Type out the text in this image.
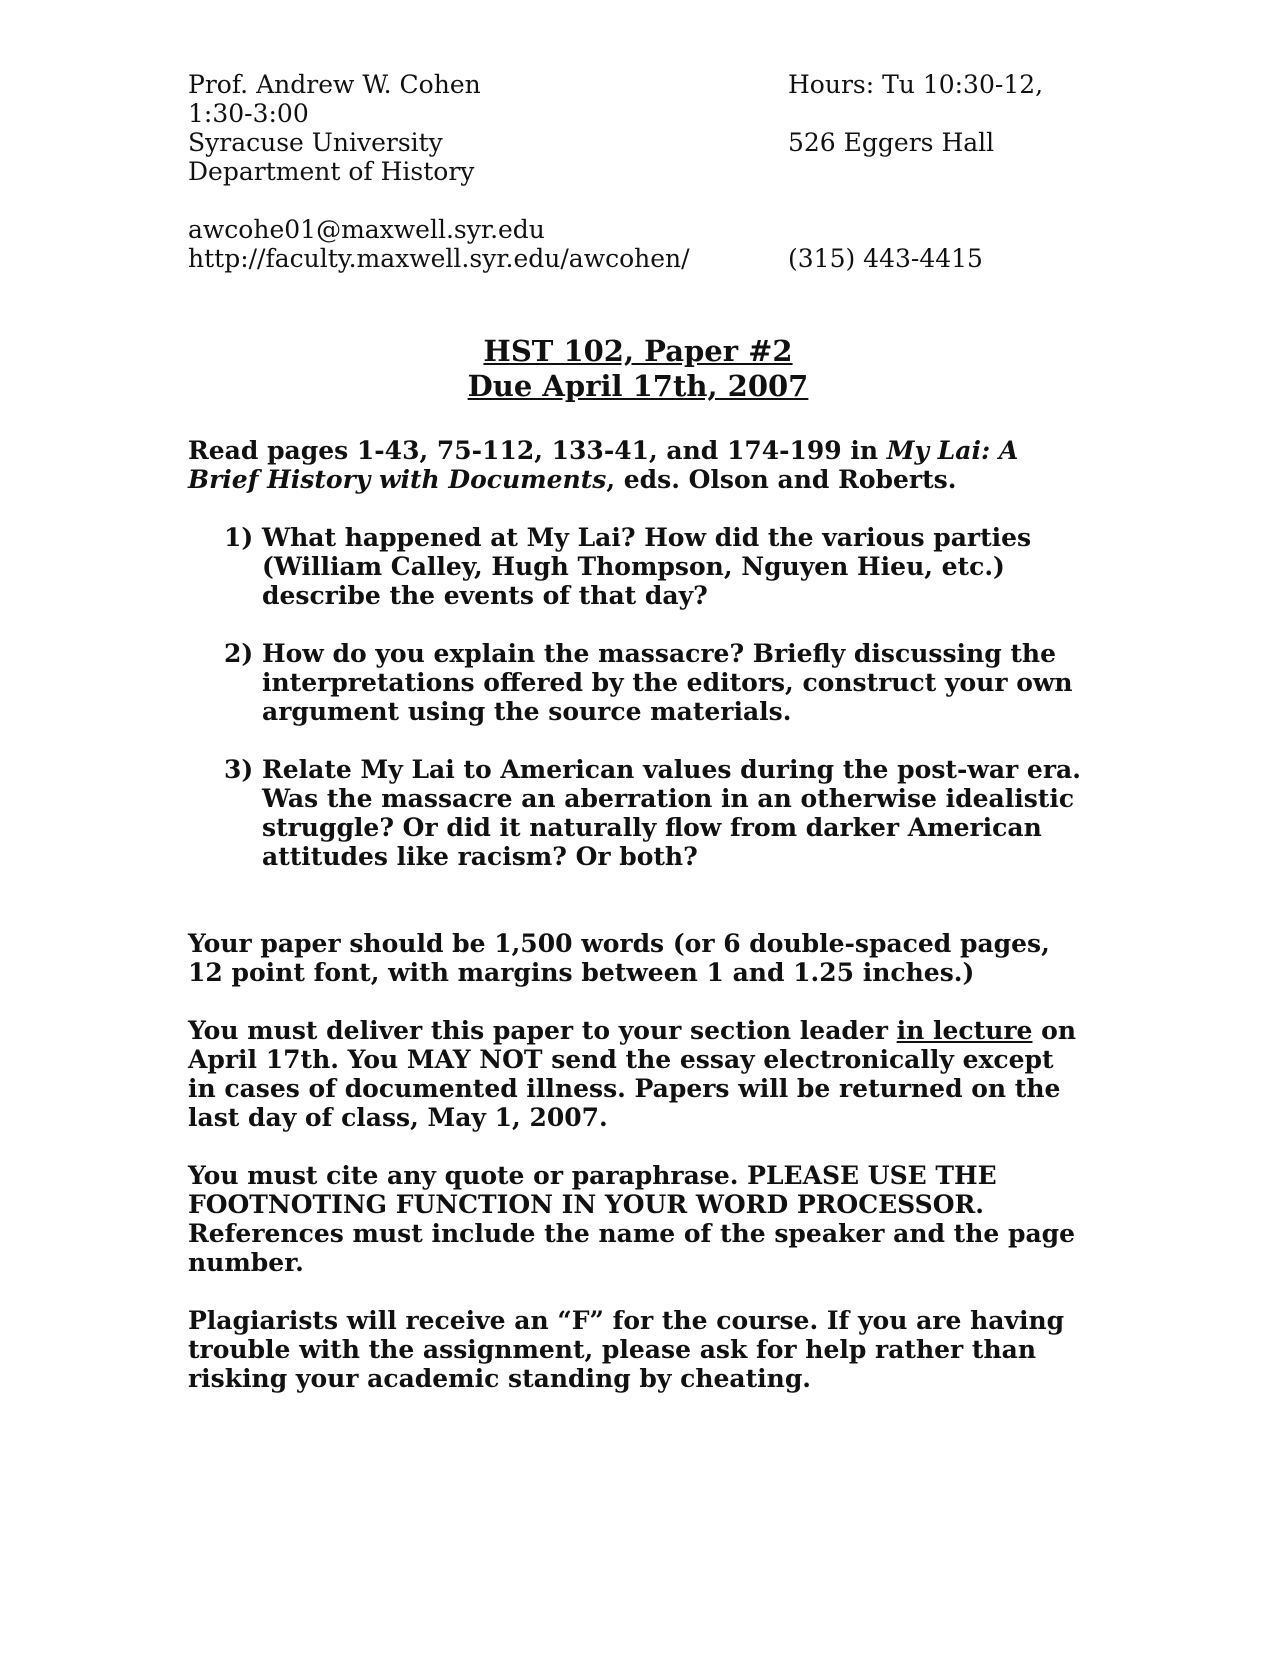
Prof. Andrew W. Cohen	Hours: Tu 10:30-12,
1:30-3:00
Syracuse University	526 Eggers Hall
Department of History
awcohe01@maxwell.syr.edu
http://faculty.maxwell.syr.edu/awcohen/	(315) 443-4415
HST 102, Paper #2
Due April 17th, 2007

Read pages 1-43, 75-112, 133-41, and 174-199 in My Lai: A Brief History with Documents, eds. Olson and Roberts.

1) What happened at My Lai? How did the various parties (William Calley, Hugh Thompson, Nguyen Hieu, etc.) describe the events of that day?

2) How do you explain the massacre? Briefly discussing the interpretations offered by the editors, construct your own argument using the source materials.

3) Relate My Lai to American values during the post-war era. Was the massacre an aberration in an otherwise idealistic struggle? Or did it naturally flow from darker American attitudes like racism? Or both?

Your paper should be 1,500 words (or 6 double-spaced pages, 12 point font, with margins between 1 and 1.25 inches.)

You must deliver this paper to your section leader in lecture on April 17th. You MAY NOT send the essay electronically except in cases of documented illness. Papers will be returned on the last day of class, May 1, 2007.

You must cite any quote or paraphrase. PLEASE USE THE FOOTNOTING FUNCTION IN YOUR WORD PROCESSOR. References must include the name of the speaker and the page number.

Plagiarists will receive an “F” for the course. If you are having trouble with the assignment, please ask for help rather than risking your academic standing by cheating.
